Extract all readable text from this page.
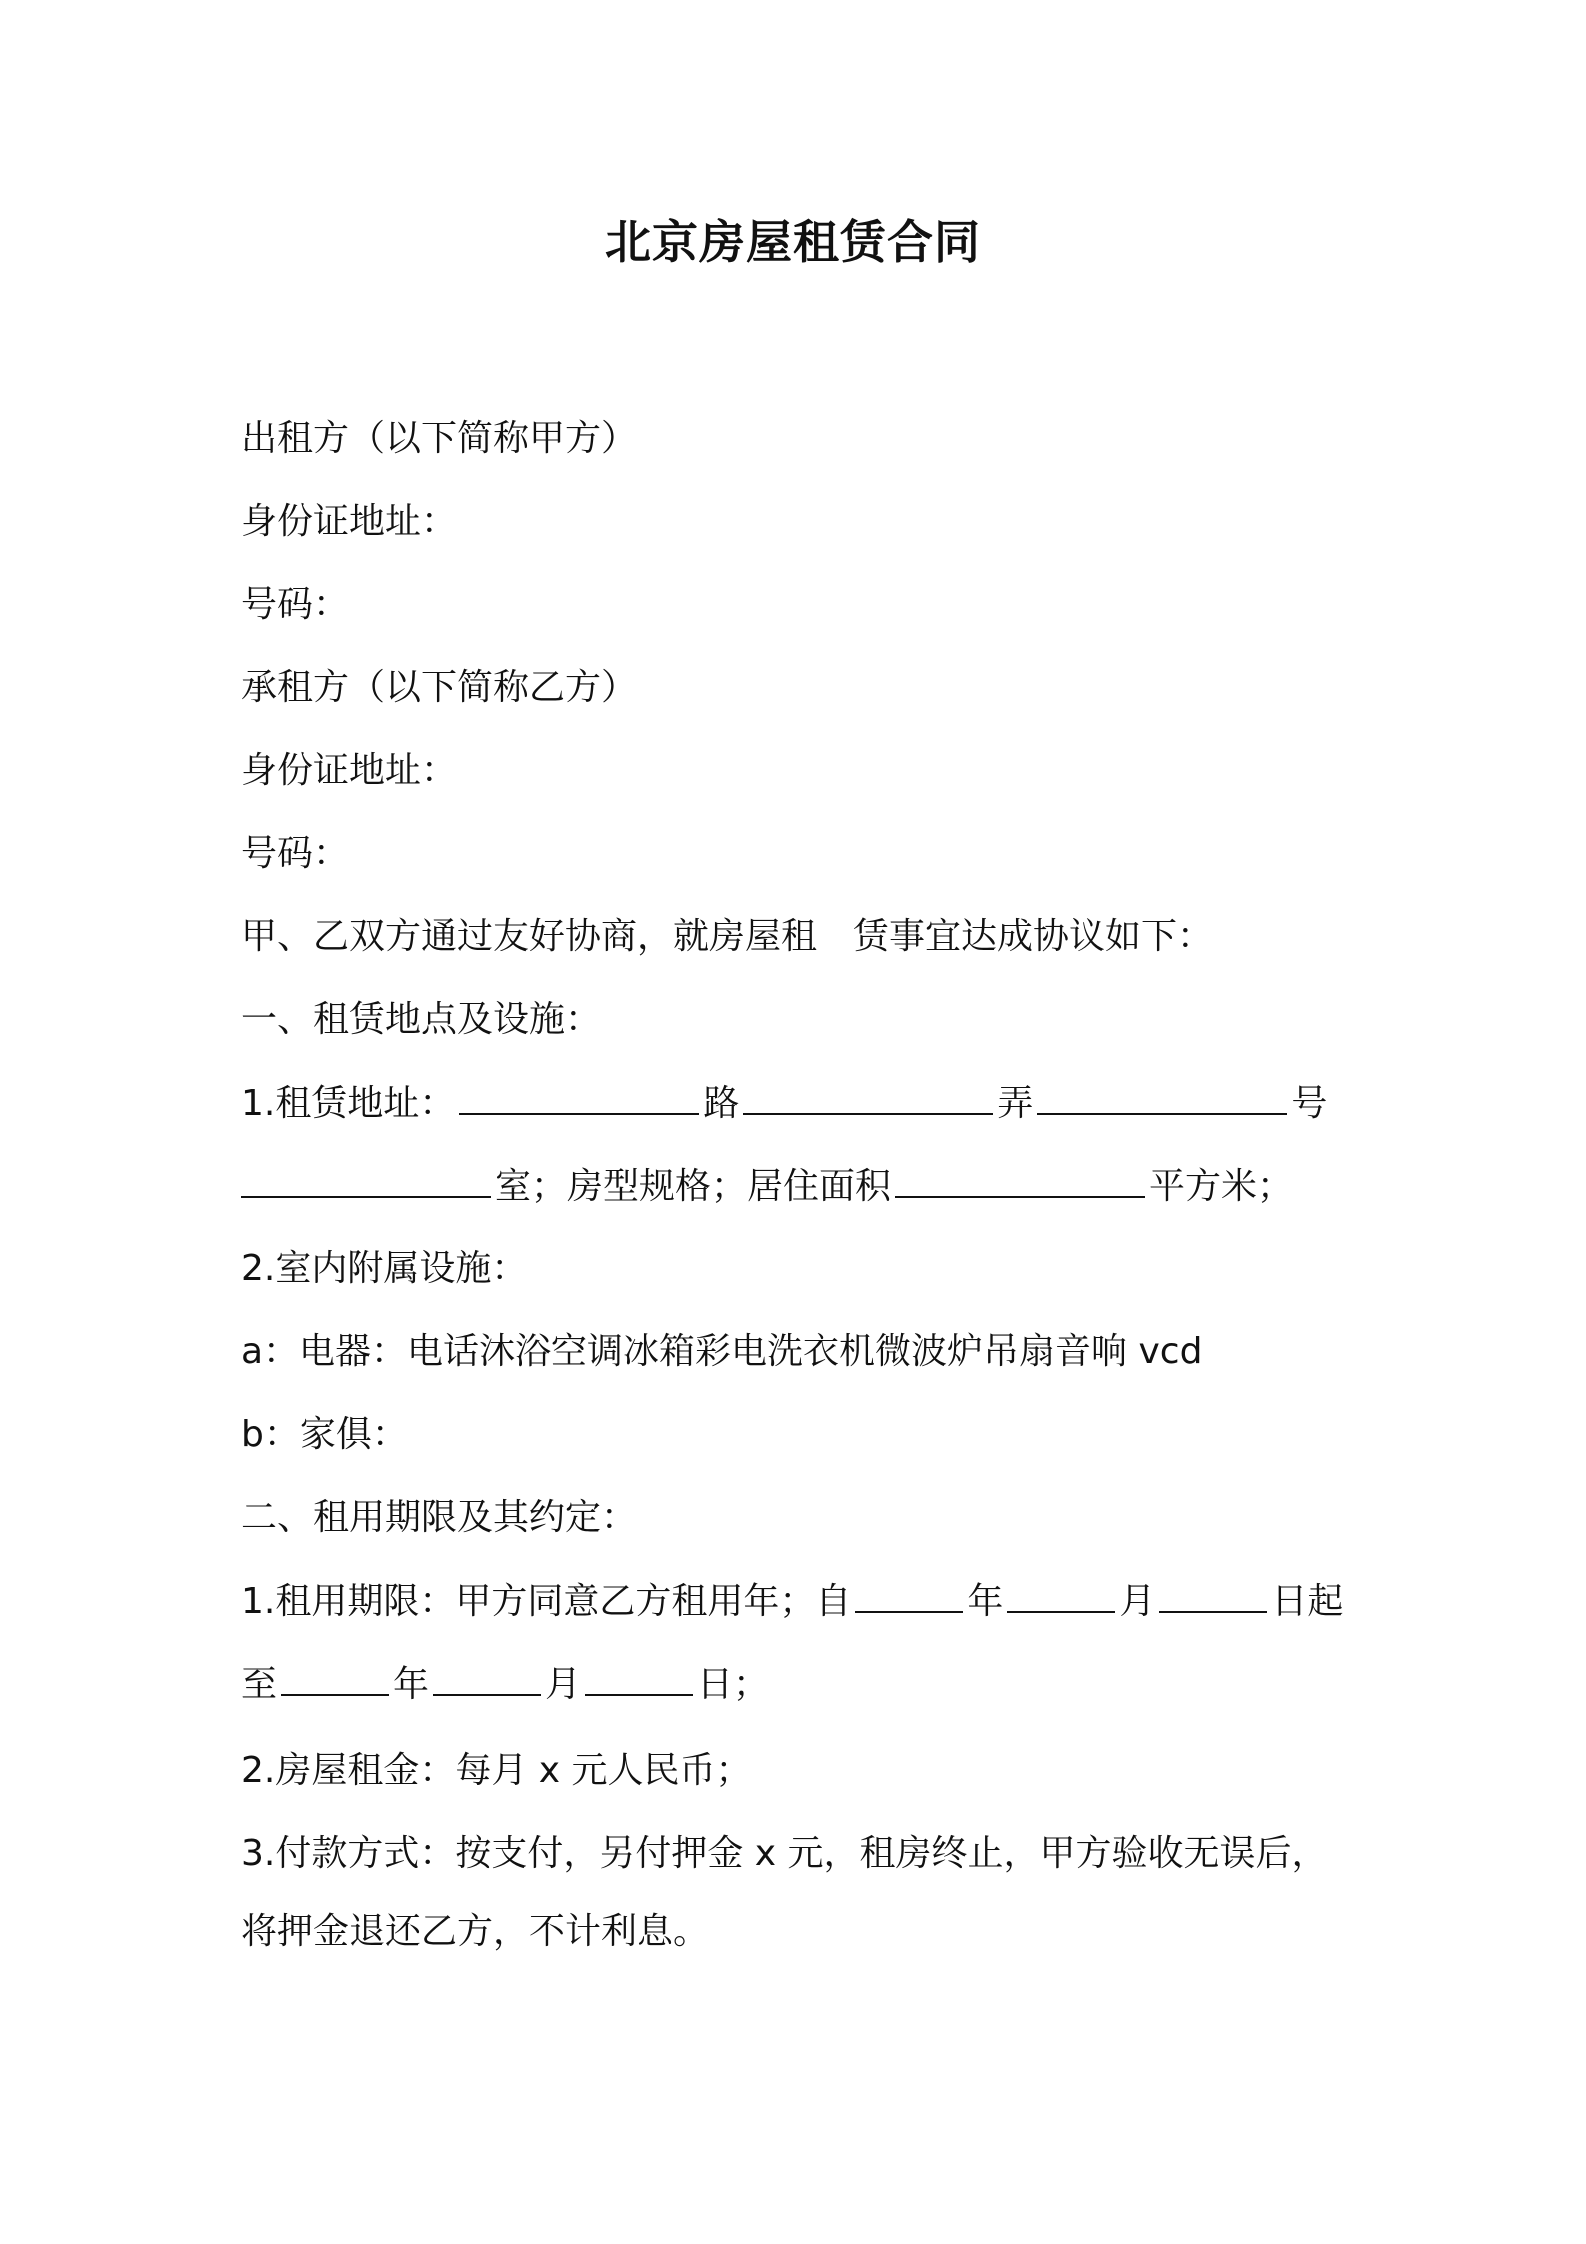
北京房屋租赁合同
出租方（以下简称甲方）
身份证地址：
号码：
承租方（以下简称乙方）
身份证地址：
号码：
甲、乙双方通过友好协商，就房屋租 赁事宜达成协议如下：
一、租赁地点及设施：
1.租赁地址：	路	弄	号
室；房型规格；居住面积	平方米；
2.室内附属设施：
a：电器：电话沐浴空调冰箱彩电洗衣机微波炉吊扇音响 vcd
b：家俱：
二、租用期限及其约定：
1.租用期限：甲方同意乙方租用年；自	年	月	日起
至	年	月	日；
2.房屋租金：每月 x 元人民币；
3.付款方式：按支付，另付押金 x 元，租房终止，甲方验收无误后，
将押金退还乙方，不计利息。
